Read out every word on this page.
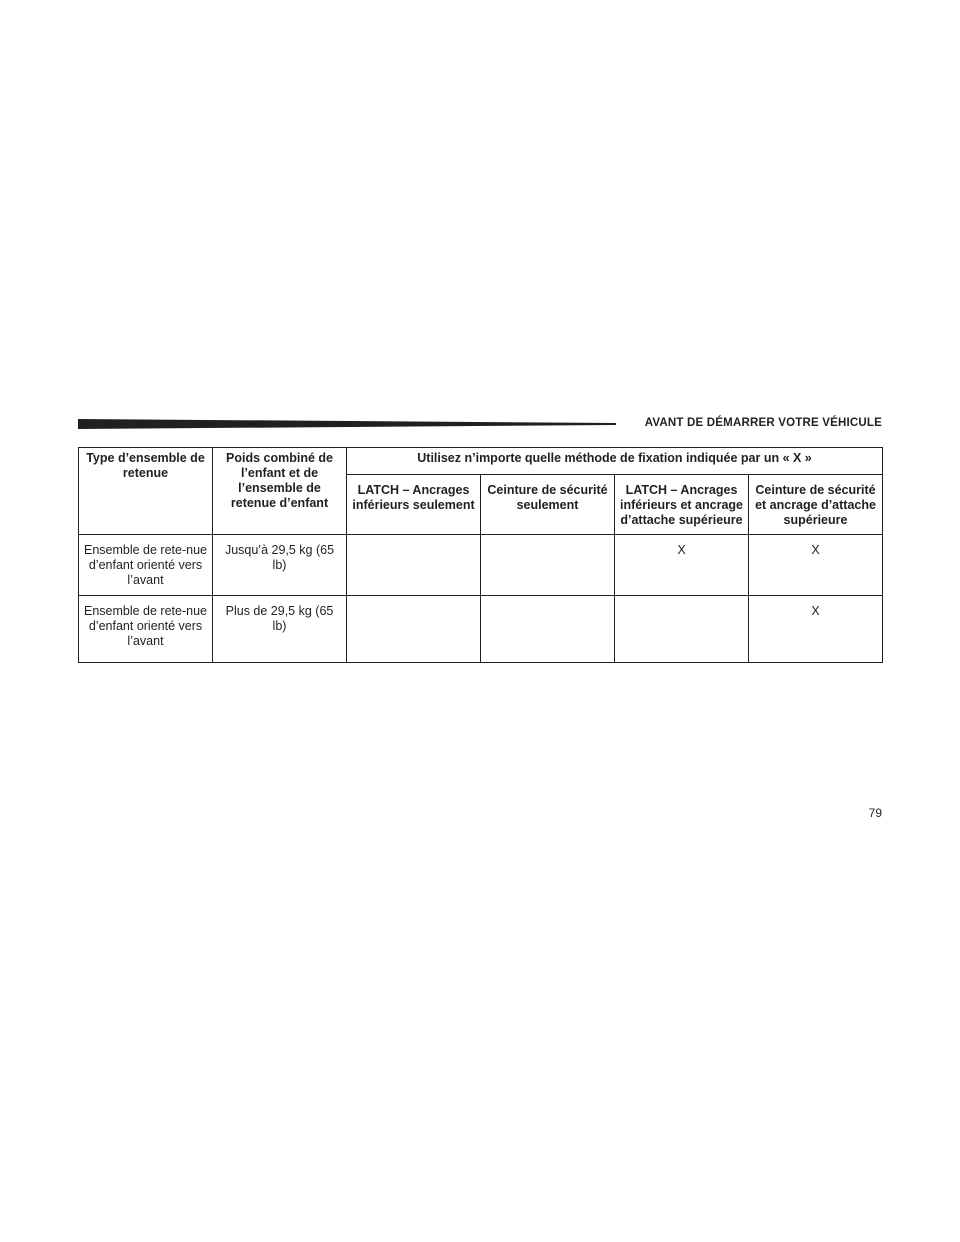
AVANT DE DÉMARRER VOTRE VÉHICULE
Type d’ensemble de retenue	Poids combiné de l’enfant et de l’ensemble de retenue d’enfant	Utilisez n’importe quelle méthode de fixation indiquée par un « X »			
		LATCH – Ancrages inférieurs seulement	Ceinture de sécurité seulement	LATCH – Ancrages inférieurs et ancrage d’attache supérieure	Ceinture de sécurité et ancrage d’attache supérieure
Ensemble de rete-nue d’enfant orienté vers l’avant	Jusqu’à 29,5 kg (65 lb)			X	X
Ensemble de rete-nue d’enfant orienté vers l’avant	Plus de 29,5 kg (65 lb)				X
79
